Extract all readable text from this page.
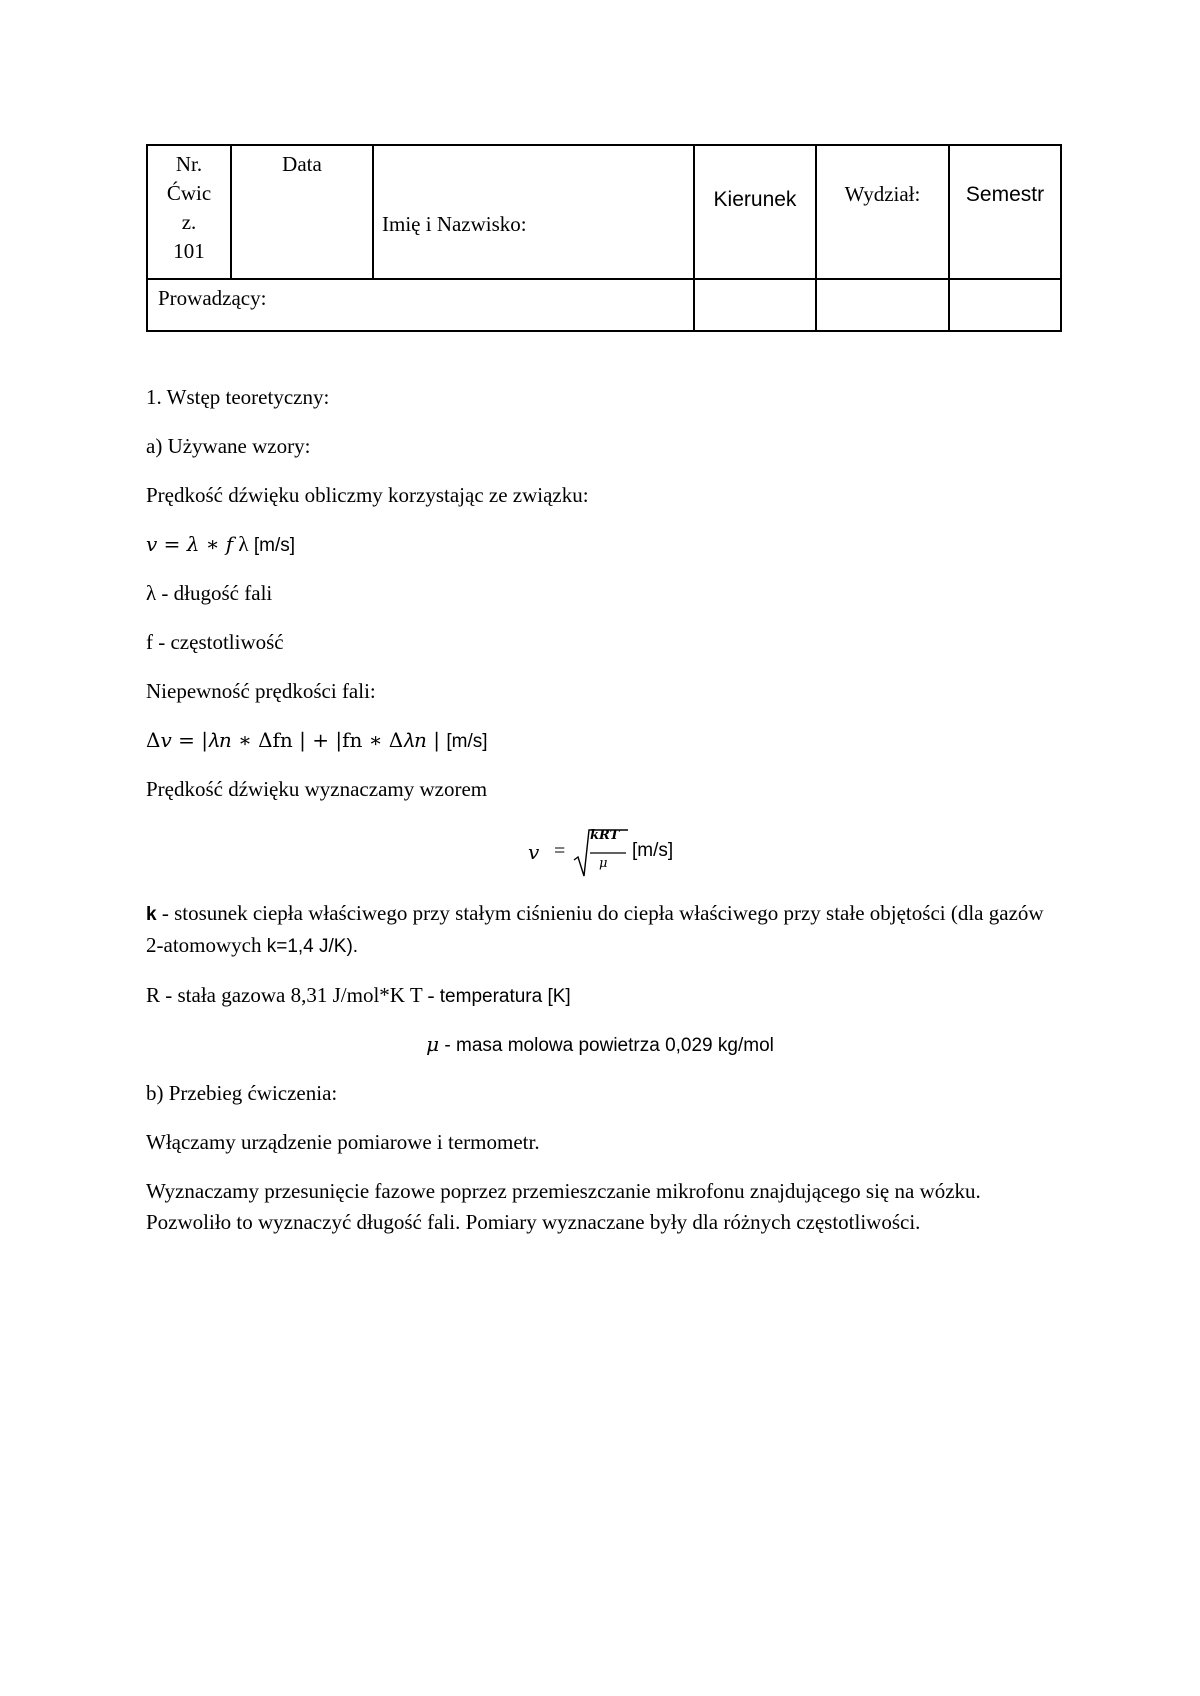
Nr.
Ćwic
z.
101	Data	Imię i Nazwisko:	Kierunek	Wydział:	Semestr
Prowadzący:					
1. Wstęp teoretyczny:
a) Używane wzory:
Prędkość dźwięku obliczmy korzystając ze związku:
𝑣 = 𝜆 ∗ 𝑓 λ [m/s]
λ - długość fali
f - częstotliwość
Niepewność prędkości fali:
Δ𝑣 = |𝜆𝑛 ∗ Δfn | + |fn ∗ Δ𝜆𝑛 | [m/s]
Prędkość dźwięku wyznaczamy wzorem
𝑣 =
kRT
μ
[m/s]
k - stosunek ciepła właściwego przy stałym ciśnieniu do ciepła właściwego przy stałe objętości (dla gazów 2-atomowych k=1,4 J/K).
R - stała gazowa 8,31 J/mol*K T - temperatura [K]
𝜇 - masa molowa powietrza 0,029 kg/mol
b) Przebieg ćwiczenia:
Włączamy urządzenie pomiarowe i termometr.
Wyznaczamy przesunięcie fazowe poprzez przemieszczanie mikrofonu znajdującego się na wózku. Pozwoliło to wyznaczyć długość fali. Pomiary wyznaczane były dla różnych częstotliwości.
